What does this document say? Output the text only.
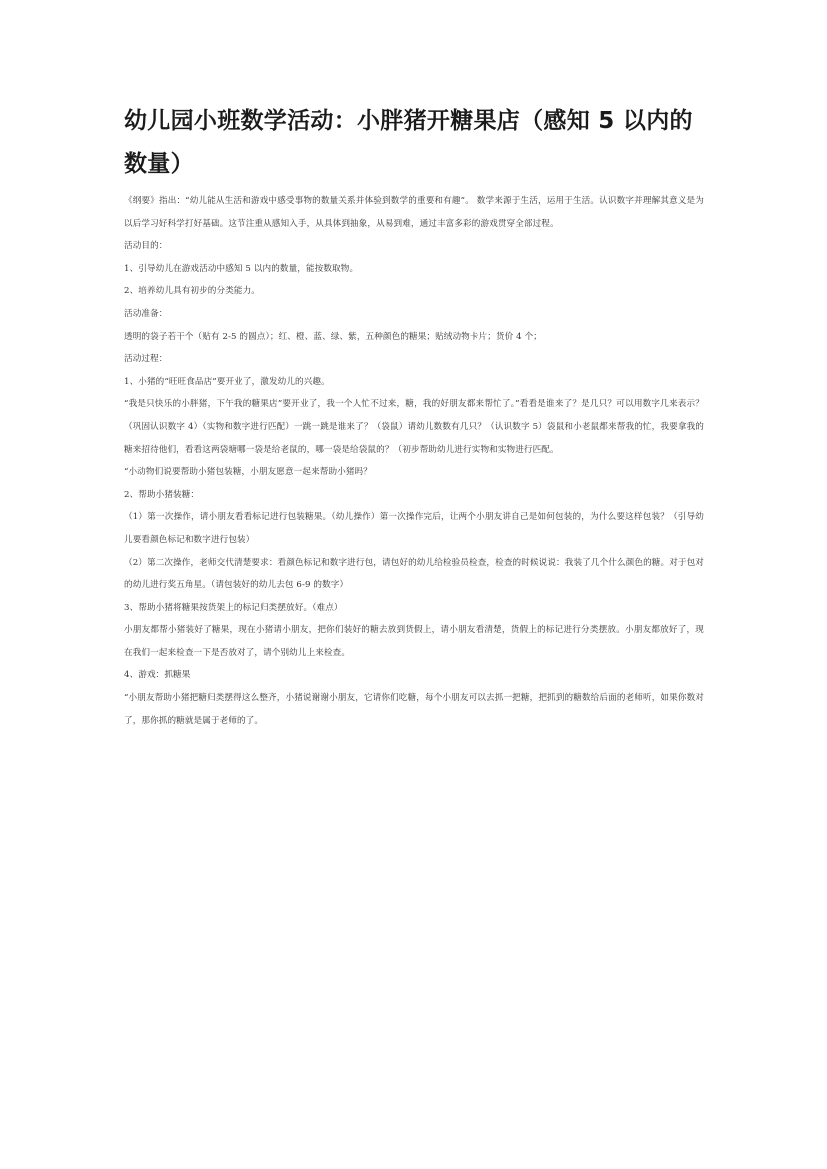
幼儿园小班数学活动：小胖猪开糖果店（感知 5 以内的数量）

《纲要》指出：“幼儿能从生活和游戏中感受事物的数量关系并体验到数学的重要和有趣”。 数学来源于生活，运用于生活。认识数字并理解其意义是为以后学习好科学打好基础。这节注重从感知入手，从具体到抽象，从易到难，通过丰富多彩的游戏贯穿全部过程。

活动目的：

1、引导幼儿在游戏活动中感知 5 以内的数量，能按数取物。

2、培养幼儿具有初步的分类能力。

活动准备：

透明的袋子若干个（贴有 2-5 的圆点）；红、橙、蓝、绿、紫，五种颜色的糖果；贴绒动物卡片；货价 4 个；

活动过程：

1、小猪的“旺旺食品店”要开业了，激发幼儿的兴趣。

“我是只快乐的小胖猪，下午我的糖果店”要开业了，我一个人忙不过来，糖，我的好朋友都来帮忙了。”看看是谁来了？是几只？可以用数字几来表示？（巩固认识数字 4）（实物和数字进行匹配）一跳一跳是谁来了？（袋鼠）请幼儿数数有几只？（认识数字 5）袋鼠和小老鼠都来帮我的忙，我要拿我的糖来招待他们，看看这两袋塘哪一袋是给老鼠的，哪一袋是给袋鼠的？（初步帮助幼儿进行实物和实物进行匹配。

“小动物们说要帮助小猪包装糖，小朋友愿意一起来帮助小猪吗？

2、帮助小猪装糖：

（1）第一次操作，请小朋友看看标记进行包装糖果。（幼儿操作）第一次操作完后，让两个小朋友讲自己是如何包装的，为什么要这样包装？（引导幼儿要看颜色标记和数字进行包装）

（2）第二次操作，老师交代清楚要求：看颜色标记和数字进行包，请包好的幼儿给检验员检查，检查的时候说说：我装了几个什么颜色的糖。对于包对的幼儿进行奖五角星。（请包装好的幼儿去包 6-9 的数字）

3、帮助小猪将糖果按货架上的标记归类摆放好。（难点）

小朋友都帮小猪装好了糖果，现在小猪请小朋友，把你们装好的糖去放到货假上，请小朋友看清楚，货假上的标记进行分类摆放。小朋友都放好了，现在我们一起来检查一下是否放对了，请个别幼儿上来检查。

4、游戏：抓糖果

“小朋友帮助小猪把糖归类摆得这么整齐，小猪说谢谢小朋友，它请你们吃糖，每个小朋友可以去抓一把糖，把抓到的糖数给后面的老师听，如果你数对了，那你抓的糖就是属于老师的了。
